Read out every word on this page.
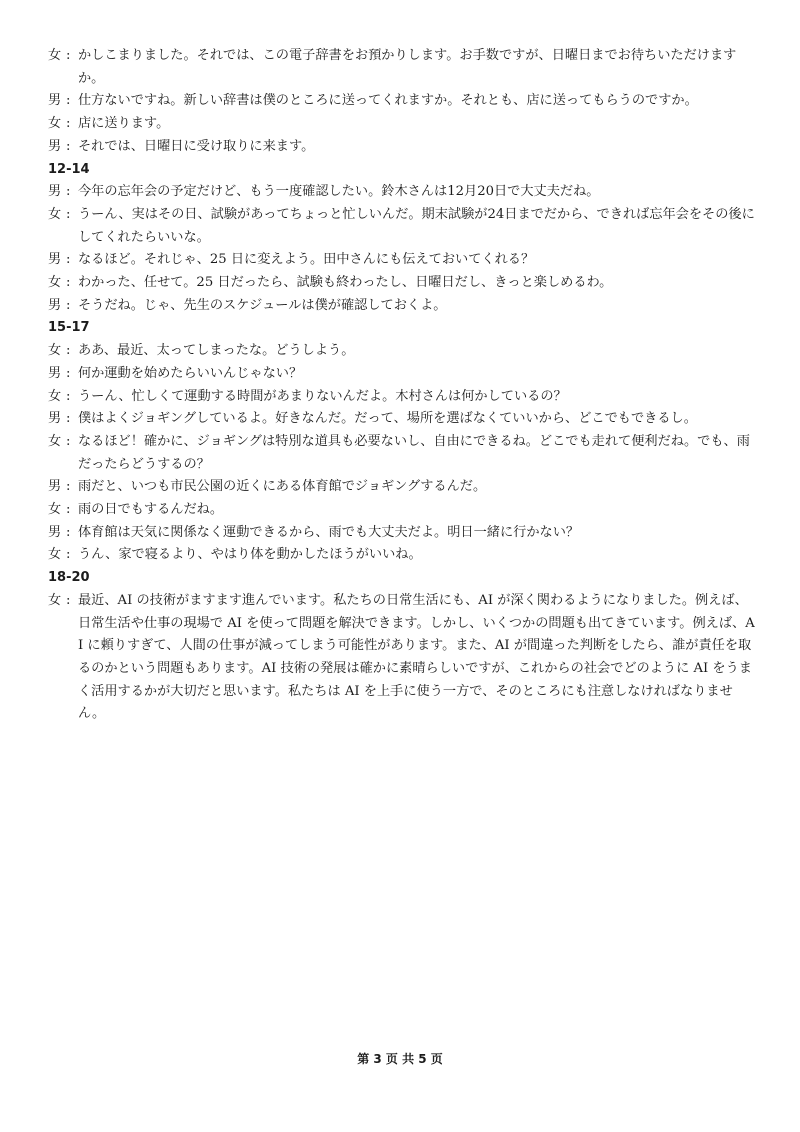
女 : かしこまりました。それでは、この電子辞書をお預かりします。お手数ですが、日曜日までお待ちいただけますか。
男 : 仕方ないですね。新しい辞書は僕のところに送ってくれますか。それとも、店に送ってもらうのですか。
女 : 店に送ります。
男 : それでは、日曜日に受け取りに来ます。
12-14
男 : 今年の忘年会の予定だけど、もう一度確認したい。鈴木さんは12月20日で大丈夫だね。
女 : うーん、実はその日、試験があってちょっと忙しいんだ。期末試験が24日までだから、できれば忘年会をその後にしてくれたらいいな。
男 : なるほど。それじゃ、25 日に変えよう。田中さんにも伝えておいてくれる？
女 : わかった、任せて。25 日だったら、試験も終わったし、日曜日だし、きっと楽しめるわ。
男 : そうだね。じゃ、先生のスケジュールは僕が確認しておくよ。
15-17
女 : ああ、最近、太ってしまったな。どうしよう。
男 : 何か運動を始めたらいいんじゃない？
女 : うーん、忙しくて運動する時間があまりないんだよ。木村さんは何かしているの？
男 : 僕はよくジョギングしているよ。好きなんだ。だって、場所を選ばなくていいから、どこでもできるし。
女 : なるほど！確かに、ジョギングは特別な道具も必要ないし、自由にできるね。どこでも走れて便利だね。でも、雨だったらどうするの？
男 : 雨だと、いつも市民公園の近くにある体育館でジョギングするんだ。
女 : 雨の日でもするんだね。
男 : 体育館は天気に関係なく運動できるから、雨でも大丈夫だよ。明日一緒に行かない？
女 : うん、家で寝るより、やはり体を動かしたほうがいいね。
18-20
女 : 最近、AI の技術がますます進んでいます。私たちの日常生活にも、AI が深く関わるようになりました。例えば、日常生活や仕事の現場で AI を使って問題を解決できます。しかし、いくつかの問題も出てきています。例えば、AI に頼りすぎて、人間の仕事が減ってしまう可能性があります。また、AI が間違った判断をしたら、誰が責任を取るのかという問題もあります。AI 技術の発展は確かに素晴らしいですが、これからの社会でどのように AI をうまく活用するかが大切だと思います。私たちは AI を上手に使う一方で、そのところにも注意しなければなりません。
第 3 页 共 5 页
